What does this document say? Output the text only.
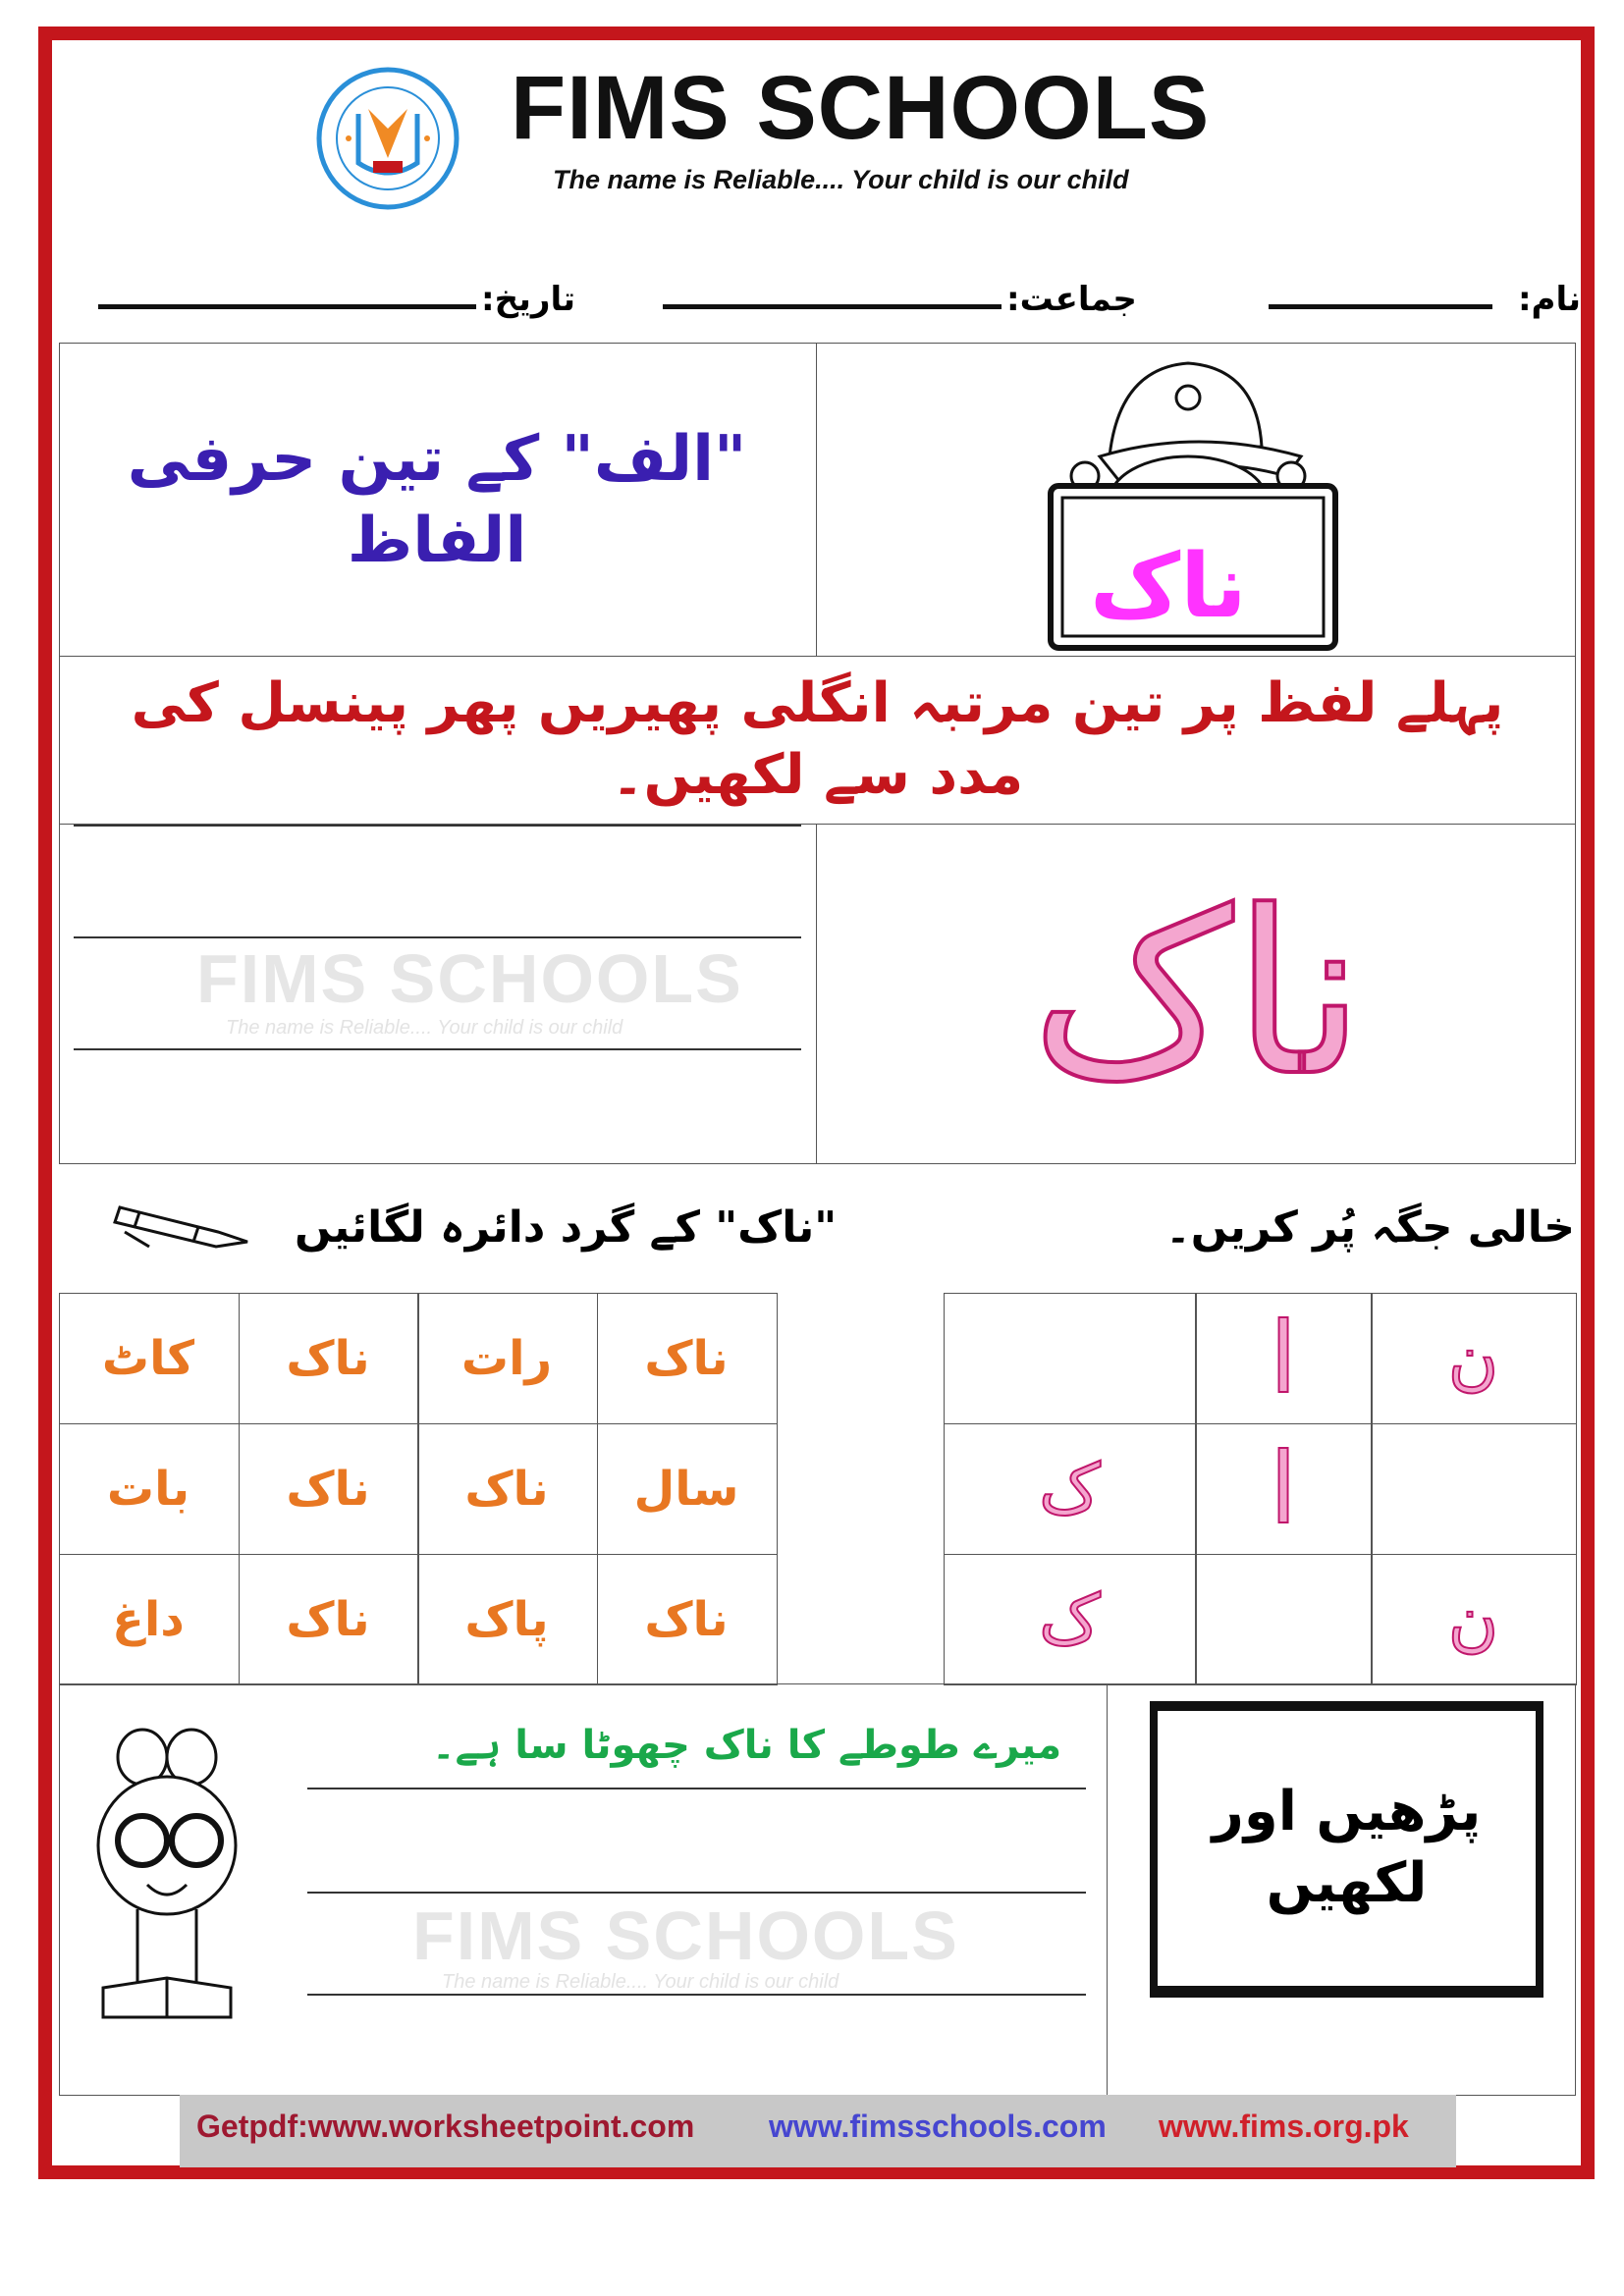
FIMS SCHOOLS
The name is Reliable.... Your child is our child
FIMS SCHOOLS
The name is Reliable.... Your child is our child
FIMS SCHOOLS
The name is Reliable.... Your child is our child
نام:
جماعت:
تاریخ:
"الف" کے تین حرفی الفاظ	ناک
پہلے لفظ پر تین مرتبہ انگلی پھیریں پھر پینسل کی مدد سے لکھیں۔
ناک
"ناک" کے گرد دائرہ لگائیں	خالی جگہ پُر کریں۔
ناک
رات
ناک
کاٹ
سال
ناک
ناک
بات
ناک
پاک
ناک
داغ
ن
ا
ا
ک
ن
ک
میرے طوطے کا ناک چھوٹا سا ہے۔
پڑھیں اور لکھیں
Getpdf:www.worksheetpoint.com www.fimsschools.com www.fims.org.pk
